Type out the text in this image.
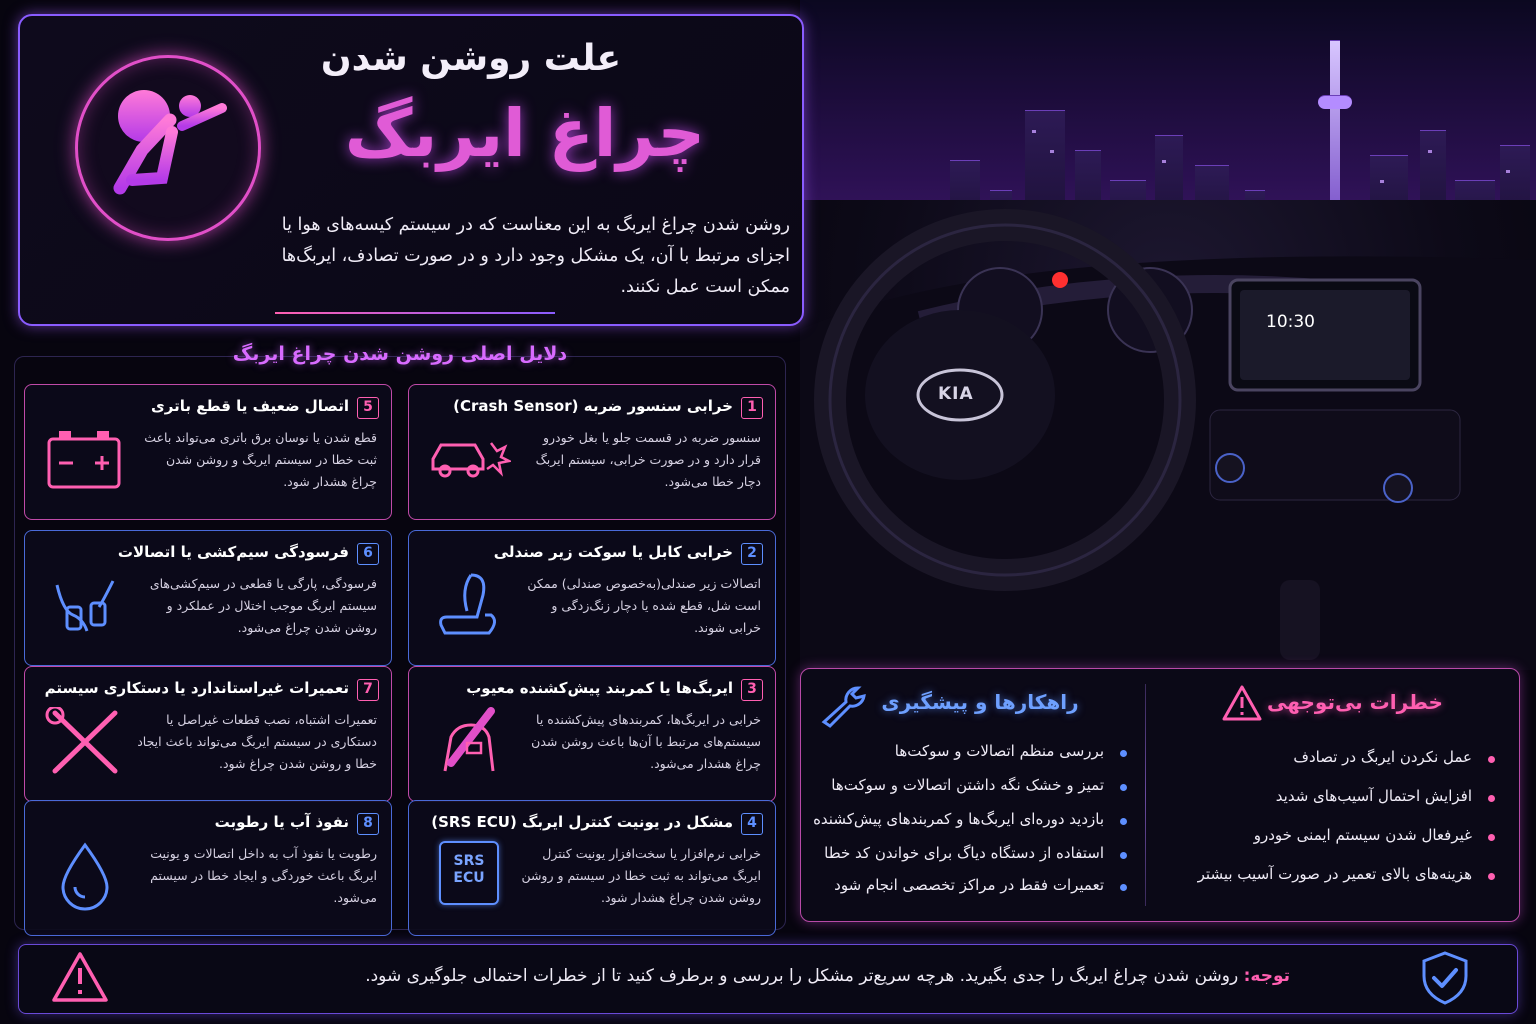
10:30
KIA
علت روشن شدن
چراغ ایربگ
روشن شدن چراغ ایربگ به این معناست که در سیستم کیسه‌های هوا یا اجزای مرتبط با آن، یک مشکل وجود دارد و در صورت تصادف، ایربگ‌ها ممکن است عمل نکنند.
دلایل اصلی روشن شدن چراغ ایربگ
5
اتصال ضعیف یا قطع باتری
قطع شدن یا نوسان برق باتری می‌تواند باعث ثبت خطا در سیستم ایربگ و روشن شدن چراغ هشدار شود.
6
فرسودگی سیم‌کشی یا اتصالات
فرسودگی، پارگی یا قطعی در سیم‌کشی‌های سیستم ایربگ موجب اختلال در عملکرد و روشن شدن چراغ می‌شود.
7
تعمیرات غیراستاندارد یا دستکاری سیستم
تعمیرات اشتباه، نصب قطعات غیراصل یا دستکاری در سیستم ایربگ می‌تواند باعث ایجاد خطا و روشن شدن چراغ شود.
8
نفوذ آب یا رطوبت
رطوبت یا نفوذ آب به داخل اتصالات و یونیت ایربگ باعث خوردگی و ایجاد خطا در سیستم می‌شود.
1
خرابی سنسور ضربه (Crash Sensor)
سنسور ضربه در قسمت جلو یا بغل خودرو قرار دارد و در صورت خرابی، سیستم ایربگ دچار خطا می‌شود.
2
خرابی کابل یا سوکت زیر صندلی
اتصالات زیر صندلی(به‌خصوص صندلی) ممکن است شل، قطع شده یا دچار زنگ‌زدگی و خرابی شوند.
3
ایربگ‌ها یا کمربند پیش‌کشنده معیوب
خرابی در ایربگ‌ها، کمربندهای پیش‌کشنده یا سیستم‌های مرتبط با آن‌ها باعث روشن شدن چراغ هشدار می‌شود.
4
مشکل در یونیت کنترل ایربگ (SRS ECU)
خرابی نرم‌افزار یا سخت‌افزار یونیت کنترل ایربگ می‌تواند به ثبت خطا در سیستم و روشن روشن شدن چراغ هشدار شود.
SRS
ECU
راهکارها و پیشگیری	خطرات بی‌توجهی
بررسی منظم اتصالات و سوکت‌ها
تمیز و خشک نگه داشتن اتصالات و سوکت‌ها
بازدید دوره‌ای ایربگ‌ها و کمربندهای پیش‌کشنده
استفاده از دستگاه دیاگ برای خواندن کد خطا
تعمیرات فقط در مراکز تخصصی انجام شود
عمل نکردن ایربگ در تصادف
افزایش احتمال آسیب‌های شدید
غیرفعال شدن سیستم ایمنی خودرو
هزینه‌های بالای تعمیر در صورت آسیب بیشتر
توجه: روشن شدن چراغ ایربگ را جدی بگیرید. هرچه سریع‌تر مشکل را بررسی و برطرف کنید تا از خطرات احتمالی جلوگیری شود.
